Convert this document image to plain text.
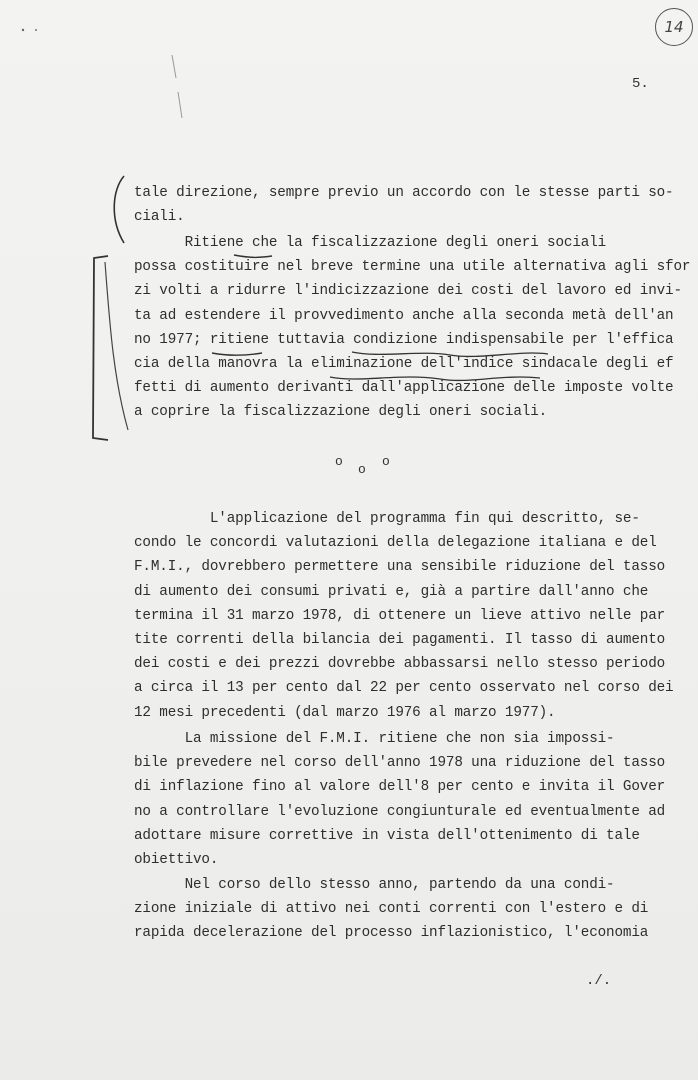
14
5.
tale direzione, sempre previo un accordo con le stesse parti so-
ciali.
Ritiene che la fiscalizzazione degli oneri sociali
possa costituire nel breve termine una utile alternativa agli sfor
zi volti a ridurre l'indicizzazione dei costi del lavoro ed invi-
ta ad estendere il provvedimento anche alla seconda metà dell'an
no 1977; ritiene tuttavia condizione indispensabile per l'effica
cia della manovra la eliminazione dell'indice sindacale degli ef
fetti di aumento derivanti dall'applicazione delle imposte volte
a coprire la fiscalizzazione degli oneri sociali.
o
o
o
L'applicazione del programma fin qui descritto, se-
condo le concordi valutazioni della delegazione italiana e del
F.M.I., dovrebbero permettere una sensibile riduzione del tasso
di aumento dei consumi privati e, già a partire dall'anno che
termina il 31 marzo 1978, di ottenere un lieve attivo nelle par
tite correnti della bilancia dei pagamenti. Il tasso di aumento
dei costi e dei prezzi dovrebbe abbassarsi nello stesso periodo
a circa il 13 per cento dal 22 per cento osservato nel corso dei
12 mesi precedenti (dal marzo 1976 al marzo 1977).
La missione del F.M.I. ritiene che non sia impossi-
bile prevedere nel corso dell'anno 1978 una riduzione del tasso
di inflazione fino al valore dell'8 per cento e invita il Gover
no a controllare l'evoluzione congiunturale ed eventualmente ad
adottare misure correttive in vista dell'ottenimento di tale
obiettivo.
Nel corso dello stesso anno, partendo da una condi-
zione iniziale di attivo nei conti correnti con l'estero e di
rapida decelerazione del processo inflazionistico, l'economia
./.
